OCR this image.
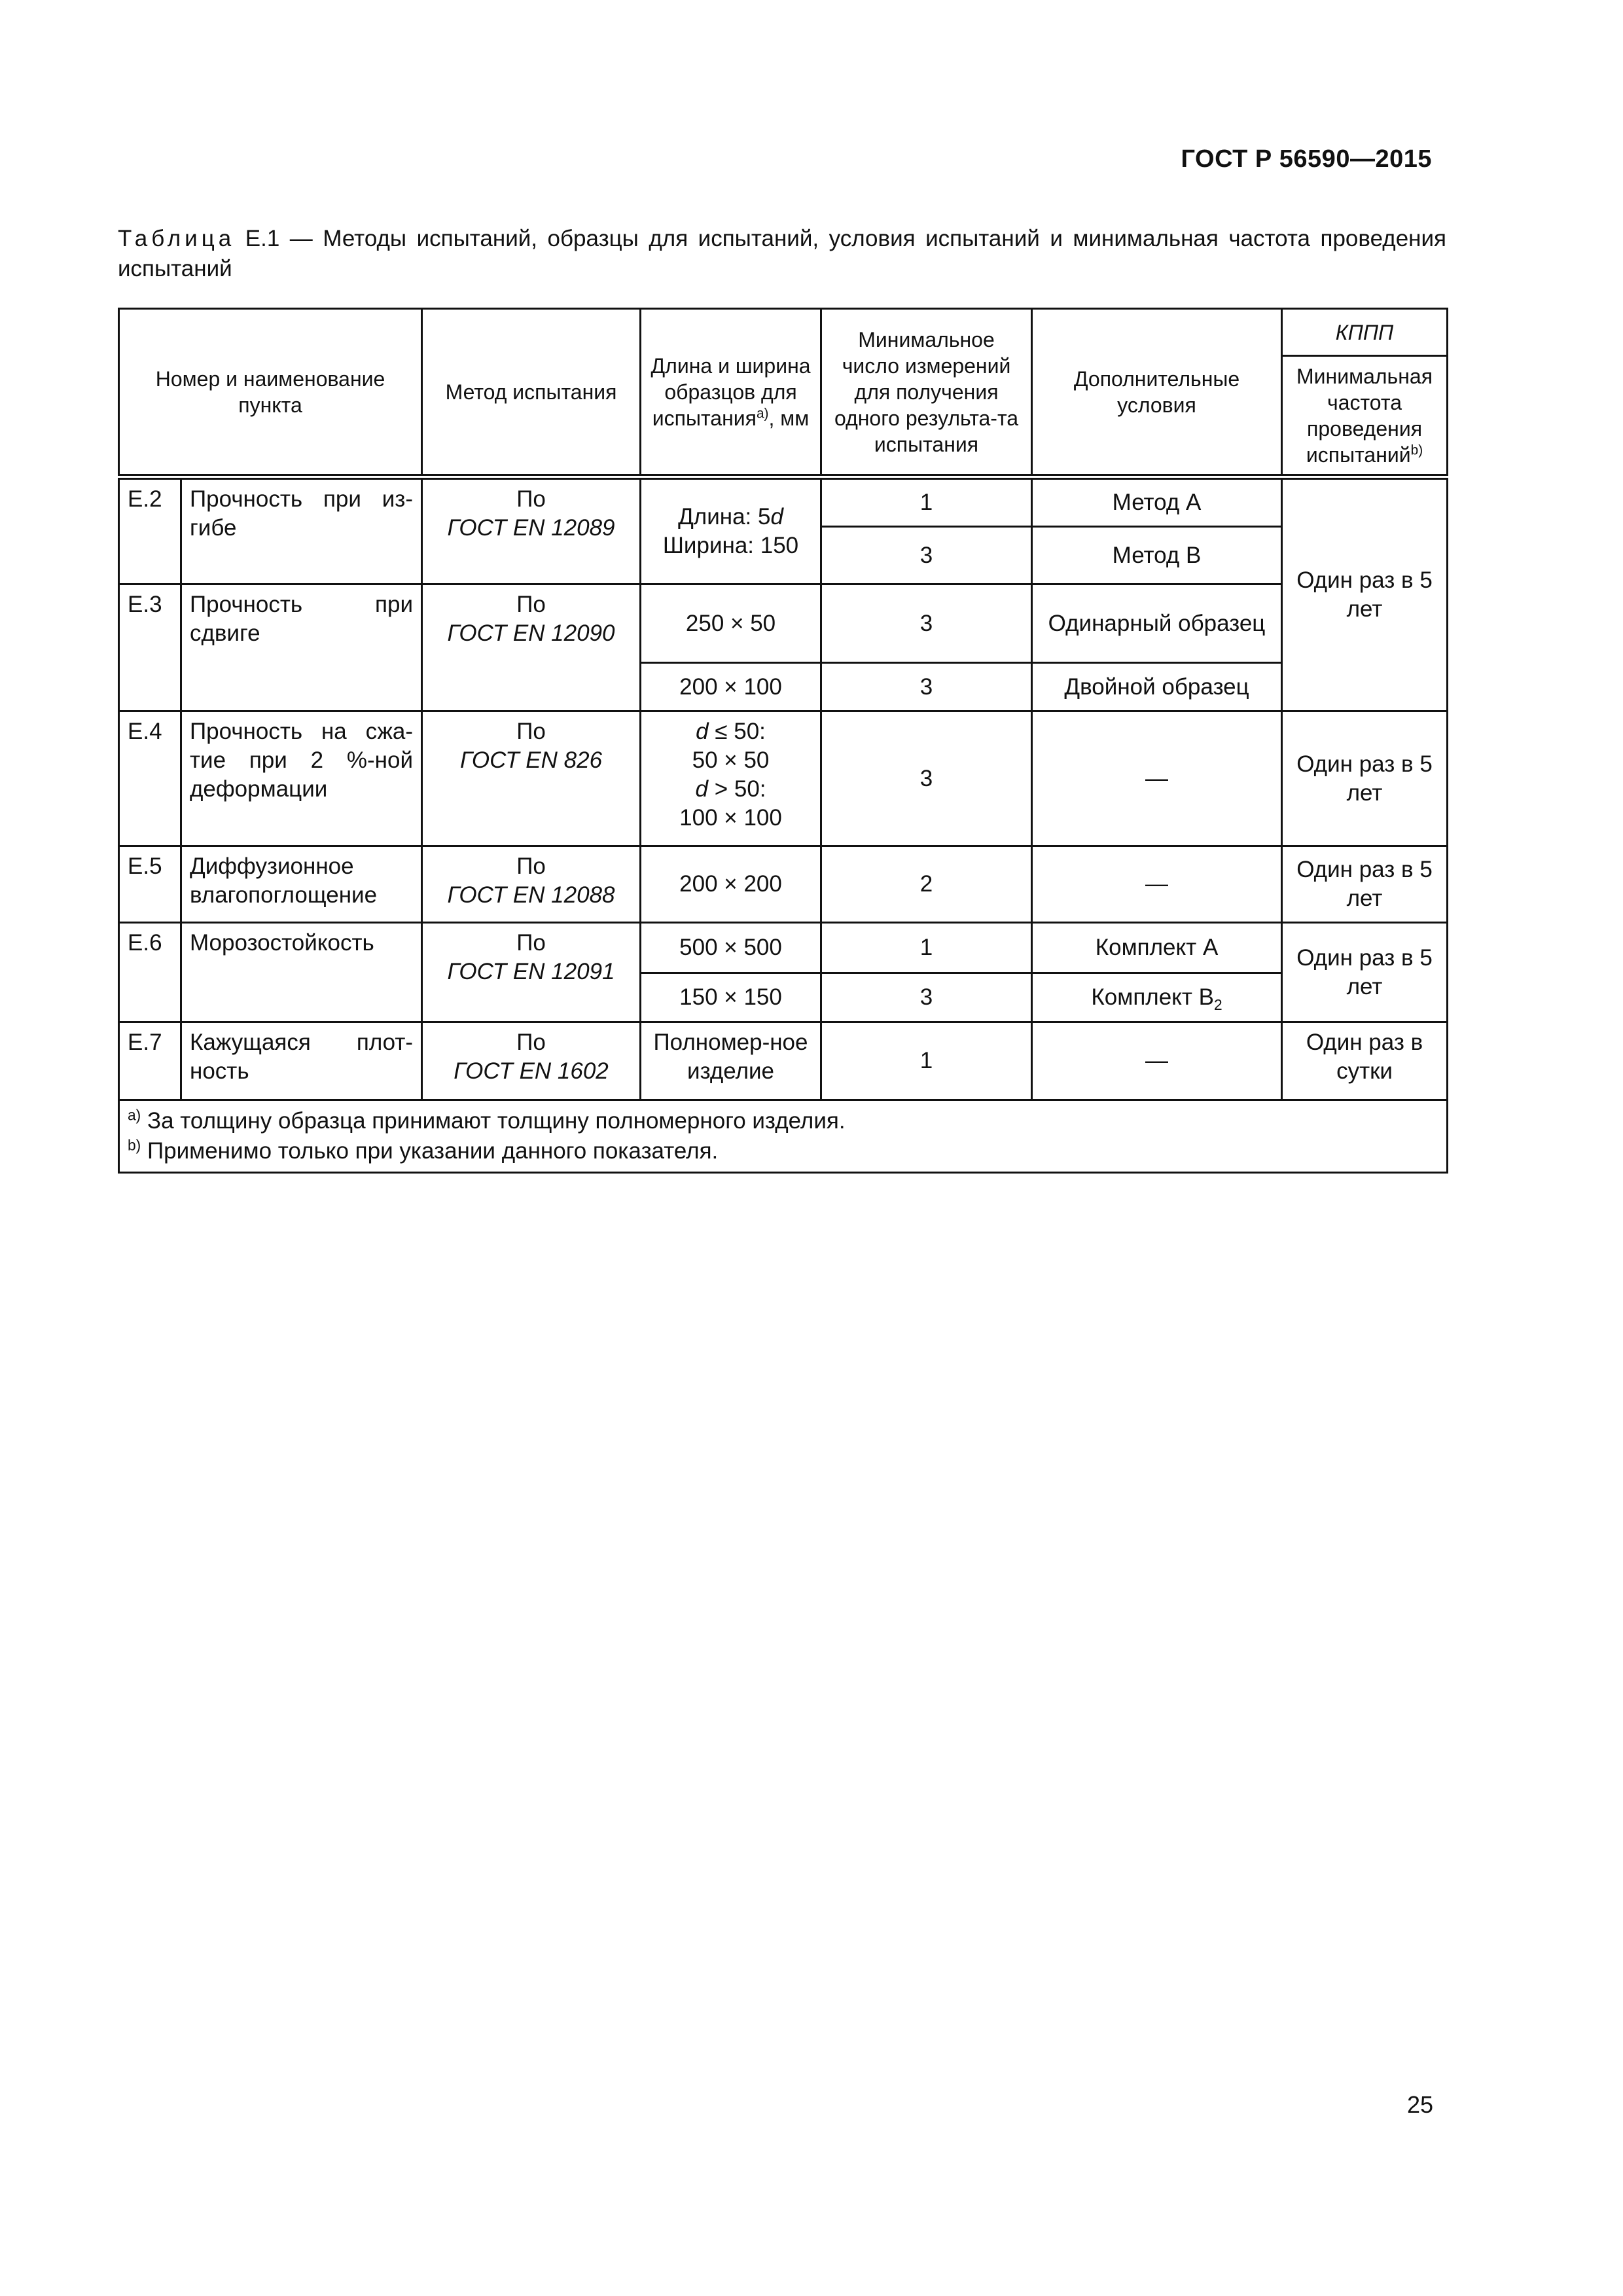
ГОСТ Р 56590—2015
Таблица Е.1 — Методы испытаний, образцы для испытаний, условия испытаний и минимальная частота проведения испытаний
Номер и наименование пункта		Метод испытания	Длина и ширина образцов для испытания$^{a)}$, мм	Минимальное число измерений для получения одного результа-та испытания	Дополнительные условия	КППП
						Минимальная частота проведения испытаний$^{b)}$
Е.2	Прочность при из-гибе	По
ГОСТ EN 12089	Длина: 5d
Ширина: 150	1	Метод А	Один раз в 5 лет
				3	Метод В	
Е.3	Прочность при сдвиге	По
ГОСТ EN 12090	250 × 50	3	Одинарный образец	
			200 × 100	3	Двойной образец	
Е.4	Прочность на сжа-тие при 2 %-ной деформации	По
ГОСТ EN 826	d ≤ 50:
50 × 50
d > 50:
100 × 100	3	—	Один раз в 5 лет
Е.5	Диффузионное влагопоглощение	По
ГОСТ EN 12088	200 × 200	2	—	Один раз в 5 лет
Е.6	Морозостойкость	По
ГОСТ EN 12091	500 × 500	1	Комплект А	Один раз в 5 лет
			150 × 150	3	Комплект $В_2$
Е.7	Кажущаяся плот-ность	По
ГОСТ EN 1602	Полномер-ное изделие	1	—	Один раз в сутки

$^{a)}$ За толщину образца принимают толщину полномерного изделия.
$^{b)}$ Применимо только при указании данного показателя.						
25
